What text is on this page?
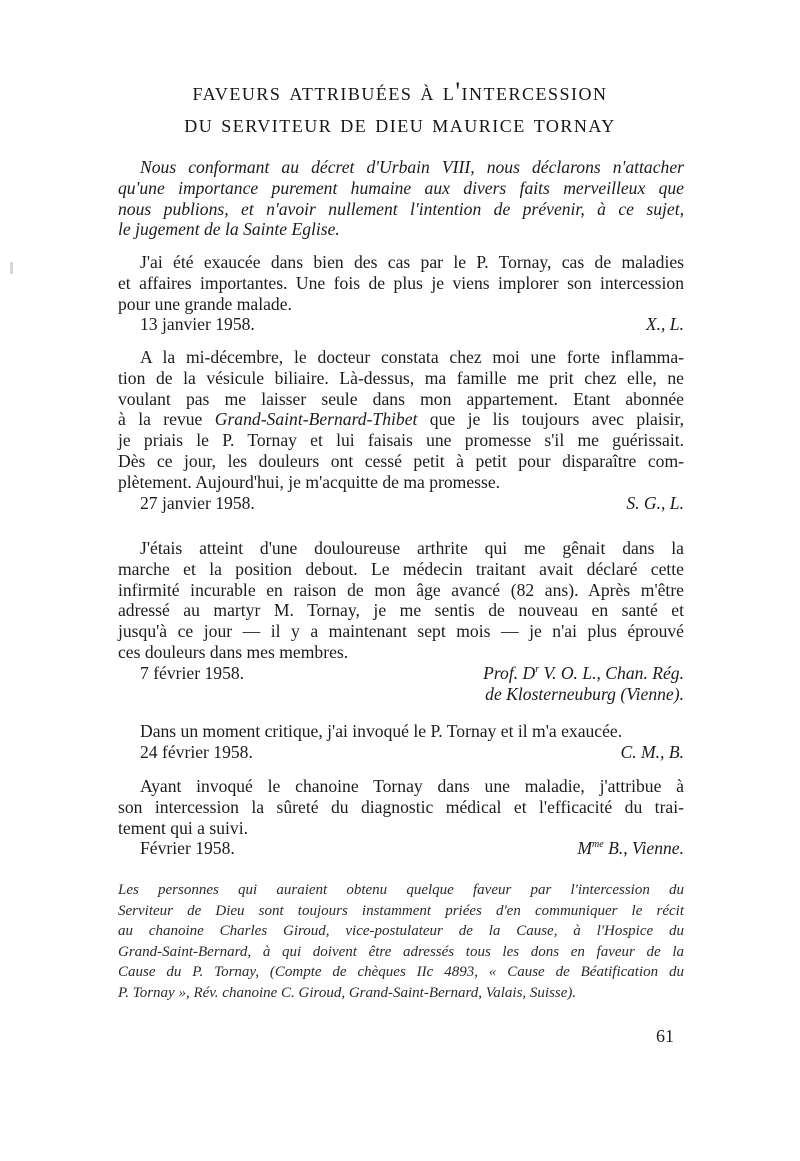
faveurs attribuées à l'intercession
du serviteur de dieu maurice tornay
Nous conformant au décret d'Urbain VIII, nous déclarons n'attacher
qu'une importance purement humaine aux divers faits merveilleux que
nous publions, et n'avoir nullement l'intention de prévenir, à ce sujet,
le jugement de la Sainte Eglise.
J'ai été exaucée dans bien des cas par le P. Tornay, cas de maladies
et affaires importantes. Une fois de plus je viens implorer son intercession
pour une grande malade.
13 janvier 1958.	X., L.
A la mi-décembre, le docteur constata chez moi une forte inflamma-
tion de la vésicule biliaire. Là-dessus, ma famille me prit chez elle, ne
voulant pas me laisser seule dans mon appartement. Etant abonnée
à la revue Grand-Saint-Bernard-Thibet que je lis toujours avec plaisir,
je priais le P. Tornay et lui faisais une promesse s'il me guérissait.
Dès ce jour, les douleurs ont cessé petit à petit pour disparaître com-
plètement. Aujourd'hui, je m'acquitte de ma promesse.
27 janvier 1958.	S. G., L.
J'étais atteint d'une douloureuse arthrite qui me gênait dans la
marche et la position debout. Le médecin traitant avait déclaré cette
infirmité incurable en raison de mon âge avancé (82 ans). Après m'être
adressé au martyr M. Tornay, je me sentis de nouveau en santé et
jusqu'à ce jour — il y a maintenant sept mois — je n'ai plus éprouvé
ces douleurs dans mes membres.
7 février 1958.	Prof. $D^r$ V. O. L., Chan. Rég.
de Klosterneuburg (Vienne).
Dans un moment critique, j'ai invoqué le P. Tornay et il m'a exaucée.
24 février 1958.	C. M., B.
Ayant invoqué le chanoine Tornay dans une maladie, j'attribue à
son intercession la sûreté du diagnostic médical et l'efficacité du trai-
tement qui a suivi.
Février 1958.	$M^{me}$ B., Vienne.
Les personnes qui auraient obtenu quelque faveur par l'intercession du
Serviteur de Dieu sont toujours instamment priées d'en communiquer le récit
au chanoine Charles Giroud, vice-postulateur de la Cause, à l'Hospice du
Grand-Saint-Bernard, à qui doivent être adressés tous les dons en faveur de la
Cause du P. Tornay, (Compte de chèques IIc 4893, « Cause de Béatification du
P. Tornay », Rév. chanoine C. Giroud, Grand-Saint-Bernard, Valais, Suisse).
61
